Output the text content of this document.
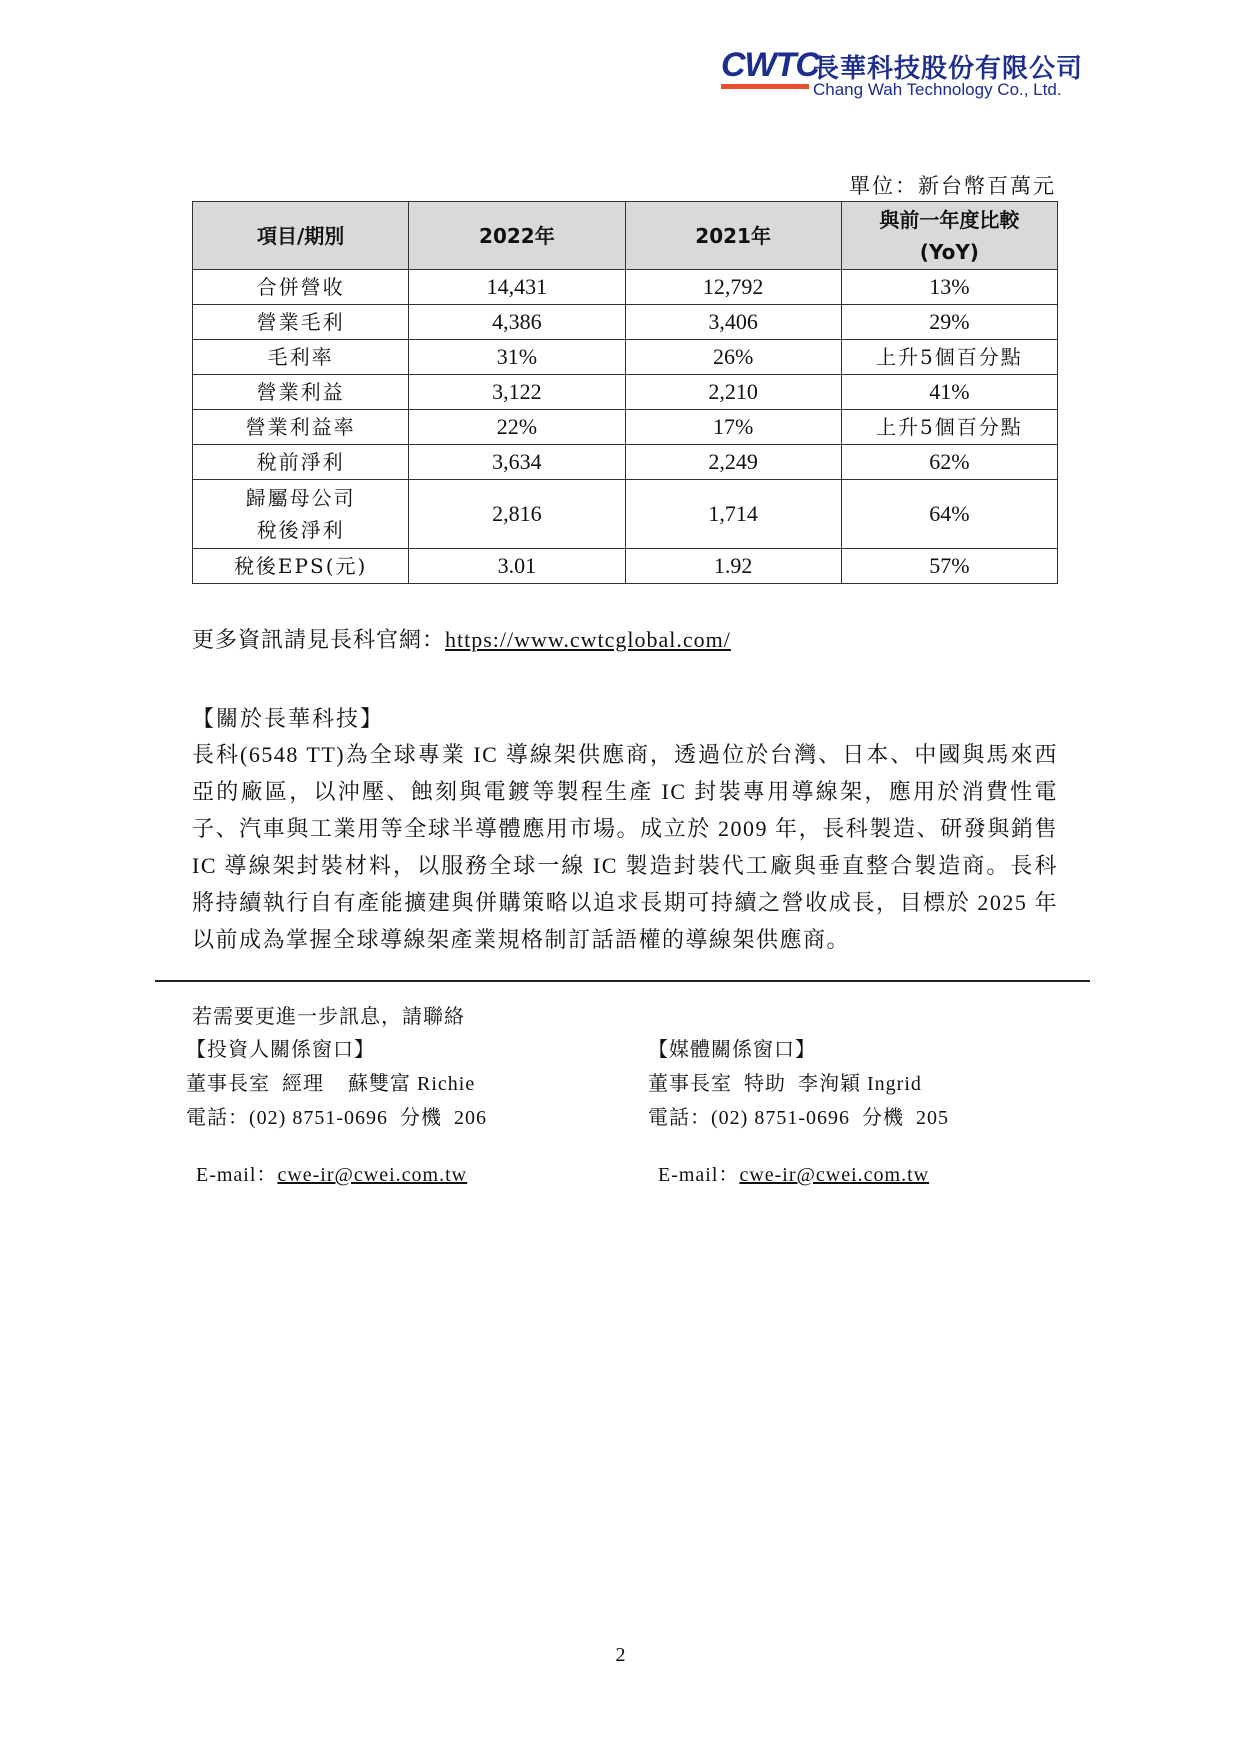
CWTC
長華科技股份有限公司
Chang Wah Technology Co., Ltd.
單位：新台幣百萬元
項目/期別	2022年	2021年	與前一年度比較
(YoY)
合併營收	14,431	12,792	13%
營業毛利	4,386	3,406	29%
毛利率	31%	26%	上升5個百分點
營業利益	3,122	2,210	41%
營業利益率	22%	17%	上升5個百分點
稅前淨利	3,634	2,249	62%
歸屬母公司
稅後淨利	2,816	1,714	64%
稅後EPS(元)	3.01	1.92	57%
更多資訊請見長科官網：https://www.cwtcglobal.com/
【關於長華科技】
長科(6548 TT)為全球專業 IC 導線架供應商，透過位於台灣、日本、中國與馬來西亞的廠區，以沖壓、蝕刻與電鍍等製程生產 IC 封裝專用導線架，應用於消費性電子、汽車與工業用等全球半導體應用市場。成立於 2009 年，長科製造、研發與銷售 IC 導線架封裝材料，以服務全球一線 IC 製造封裝代工廠與垂直整合製造商。長科將持續執行自有產能擴建與併購策略以追求長期可持續之營收成長，目標於 2025 年以前成為掌握全球導線架產業規格制訂話語權的導線架供應商。
若需要更進一步訊息，請聯絡
【投資人關係窗口】
董事長室  經理    蘇雙富 Richie
電話：(02) 8751-0696  分機  206

E-mail：cwe-ir@cwei.com.tw

【媒體關係窗口】
董事長室  特助  李洵穎 Ingrid
電話：(02) 8751-0696  分機  205

E-mail：cwe-ir@cwei.com.tw

2
